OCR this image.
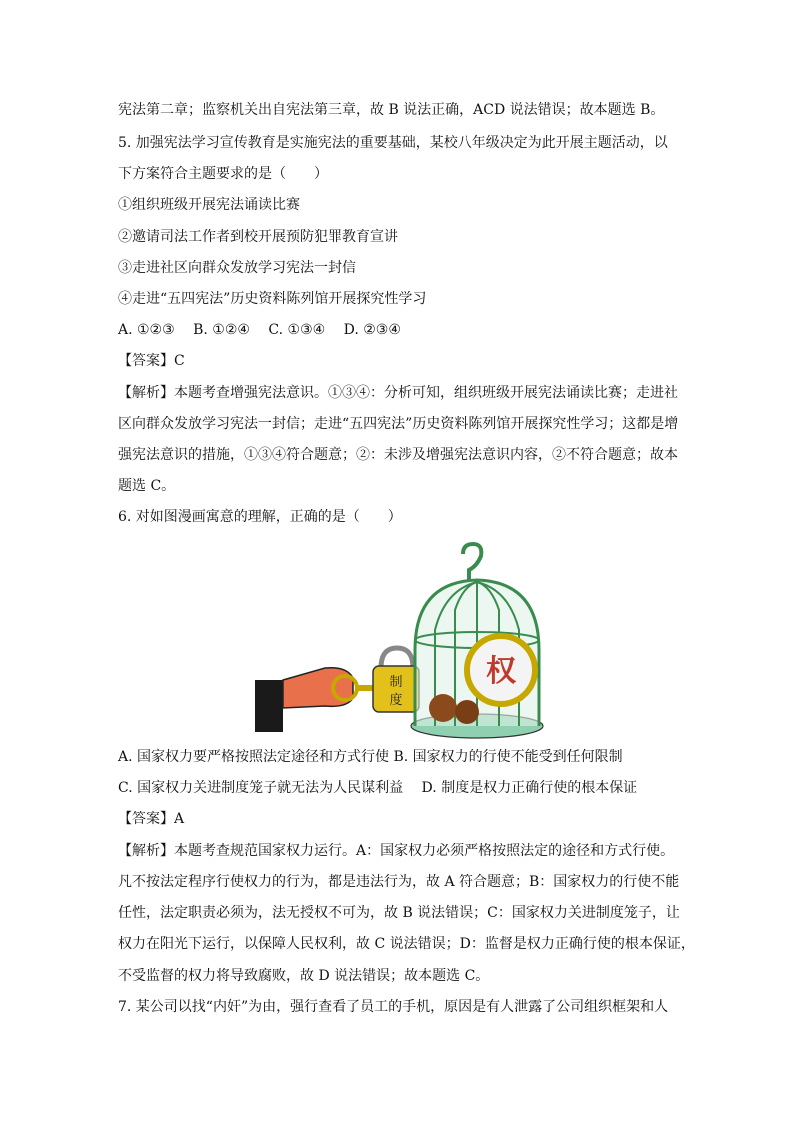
宪法第二章；监察机关出自宪法第三章，故 B 说法正确，ACD 说法错误；故本题选 B。
5. 加强宪法学习宣传教育是实施宪法的重要基础，某校八年级决定为此开展主题活动，以
下方案符合主题要求的是（　　）
①组织班级开展宪法诵读比赛
②邀请司法工作者到校开展预防犯罪教育宣讲
③走进社区向群众发放学习宪法一封信
④走进“五四宪法”历史资料陈列馆开展探究性学习
A. ①②③　 B. ①②④　 C. ①③④　 D. ②③④
【答案】C
【解析】本题考查增强宪法意识。①③④：分析可知，组织班级开展宪法诵读比赛；走进社
区向群众发放学习宪法一封信；走进“五四宪法”历史资料陈列馆开展探究性学习；这都是增
强宪法意识的措施，①③④符合题意；②：未涉及增强宪法意识内容，②不符合题意；故本
题选 C。
6. 对如图漫画寓意的理解，正确的是（　　）
制
度
权
A. 国家权力要严格按照法定途径和方式行使 B. 国家权力的行使不能受到任何限制
C. 国家权力关进制度笼子就无法为人民谋利益　 D. 制度是权力正确行使的根本保证
【答案】A
【解析】本题考查规范国家权力运行。A：国家权力必须严格按照法定的途径和方式行使。
凡不按法定程序行使权力的行为，都是违法行为，故 A 符合题意；B：国家权力的行使不能
任性，法定职责必须为，法无授权不可为，故 B 说法错误；C：国家权力关进制度笼子，让
权力在阳光下运行，以保障人民权利，故 C 说法错误；D：监督是权力正确行使的根本保证，
不受监督的权力将导致腐败，故 D 说法错误；故本题选 C。
7. 某公司以找“内奸”为由，强行查看了员工的手机，原因是有人泄露了公司组织框架和人
